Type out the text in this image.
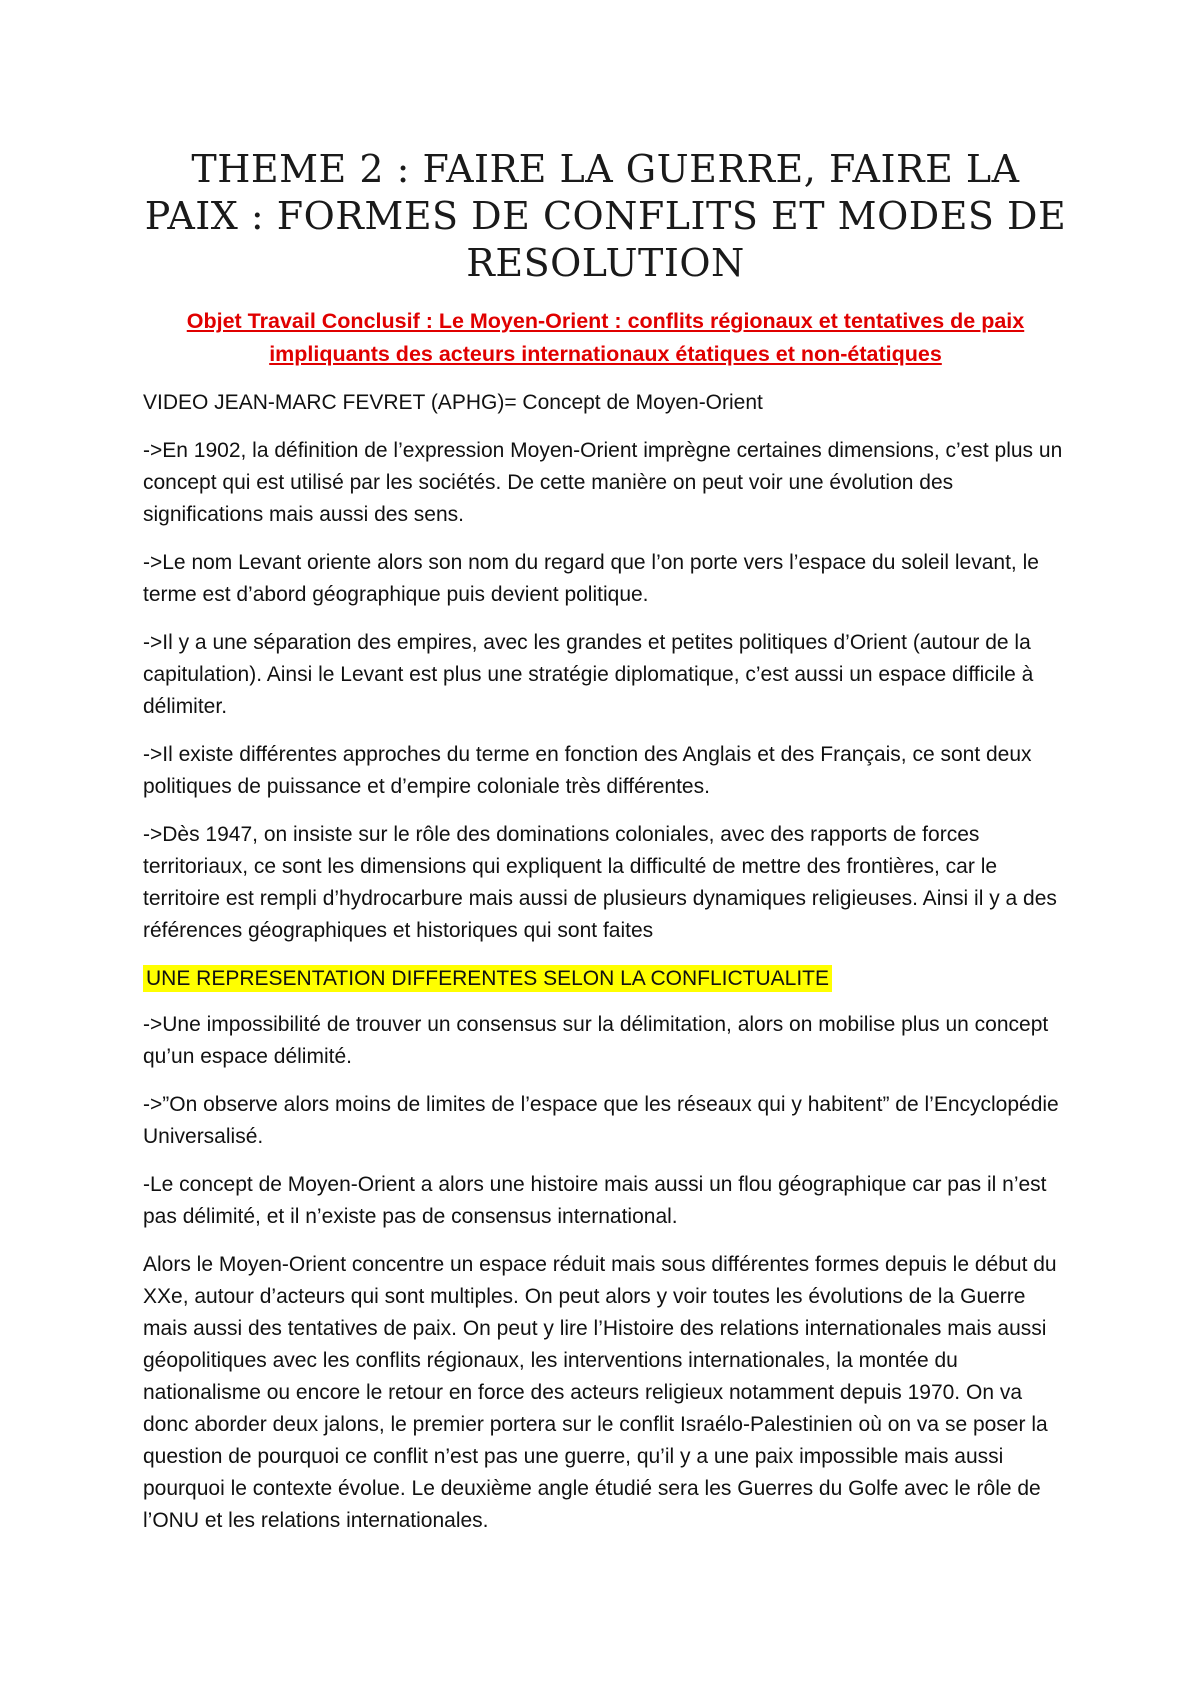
THEME 2 : FAIRE LA GUERRE, FAIRE LA PAIX : FORMES DE CONFLITS ET MODES DE RESOLUTION
Objet Travail Conclusif : Le Moyen-Orient : conflits régionaux et tentatives de paix impliquants des acteurs internationaux étatiques et non-étatiques

VIDEO JEAN-MARC FEVRET (APHG)= Concept de Moyen-Orient

->En 1902, la définition de l’expression Moyen-Orient imprègne certaines dimensions, c’est plus un concept qui est utilisé par les sociétés. De cette manière on peut voir une évolution des significations mais aussi des sens.

->Le nom Levant oriente alors son nom du regard que l’on porte vers l’espace du soleil levant, le terme est d’abord géographique puis devient politique.

->Il y a une séparation des empires, avec les grandes et petites politiques d’Orient (autour de la capitulation). Ainsi le Levant est plus une stratégie diplomatique, c’est aussi un espace difficile à délimiter.

->Il existe différentes approches du terme en fonction des Anglais et des Français, ce sont deux politiques de puissance et d’empire coloniale très différentes.

->Dès 1947, on insiste sur le rôle des dominations coloniales, avec des rapports de forces territoriaux, ce sont les dimensions qui expliquent la difficulté de mettre des frontières, car le territoire est rempli d’hydrocarbure mais aussi de plusieurs dynamiques religieuses. Ainsi il y a des références géographiques et historiques qui sont faites

UNE REPRESENTATION DIFFERENTES SELON LA CONFLICTUALITE

->Une impossibilité de trouver un consensus sur la délimitation, alors on mobilise plus un concept qu’un espace délimité.

->”On observe alors moins de limites de l’espace que les réseaux qui y habitent” de l’Encyclopédie Universalisé.

-Le concept de Moyen-Orient a alors une histoire mais aussi un flou géographique car pas il n’est pas délimité, et il n’existe pas de consensus international.

Alors le Moyen-Orient concentre un espace réduit mais sous différentes formes depuis le début du XXe, autour d’acteurs qui sont multiples. On peut alors y voir toutes les évolutions de la Guerre mais aussi des tentatives de paix. On peut y lire l’Histoire des relations internationales mais aussi géopolitiques avec les conflits régionaux, les interventions internationales, la montée du nationalisme ou encore le retour en force des acteurs religieux notamment depuis 1970. On va donc aborder deux jalons, le premier portera sur le conflit Israélo-Palestinien où on va se poser la question de pourquoi ce conflit n’est pas une guerre, qu’il y a une paix impossible mais aussi pourquoi le contexte évolue. Le deuxième angle étudié sera les Guerres du Golfe avec le rôle de l’ONU et les relations internationales.
